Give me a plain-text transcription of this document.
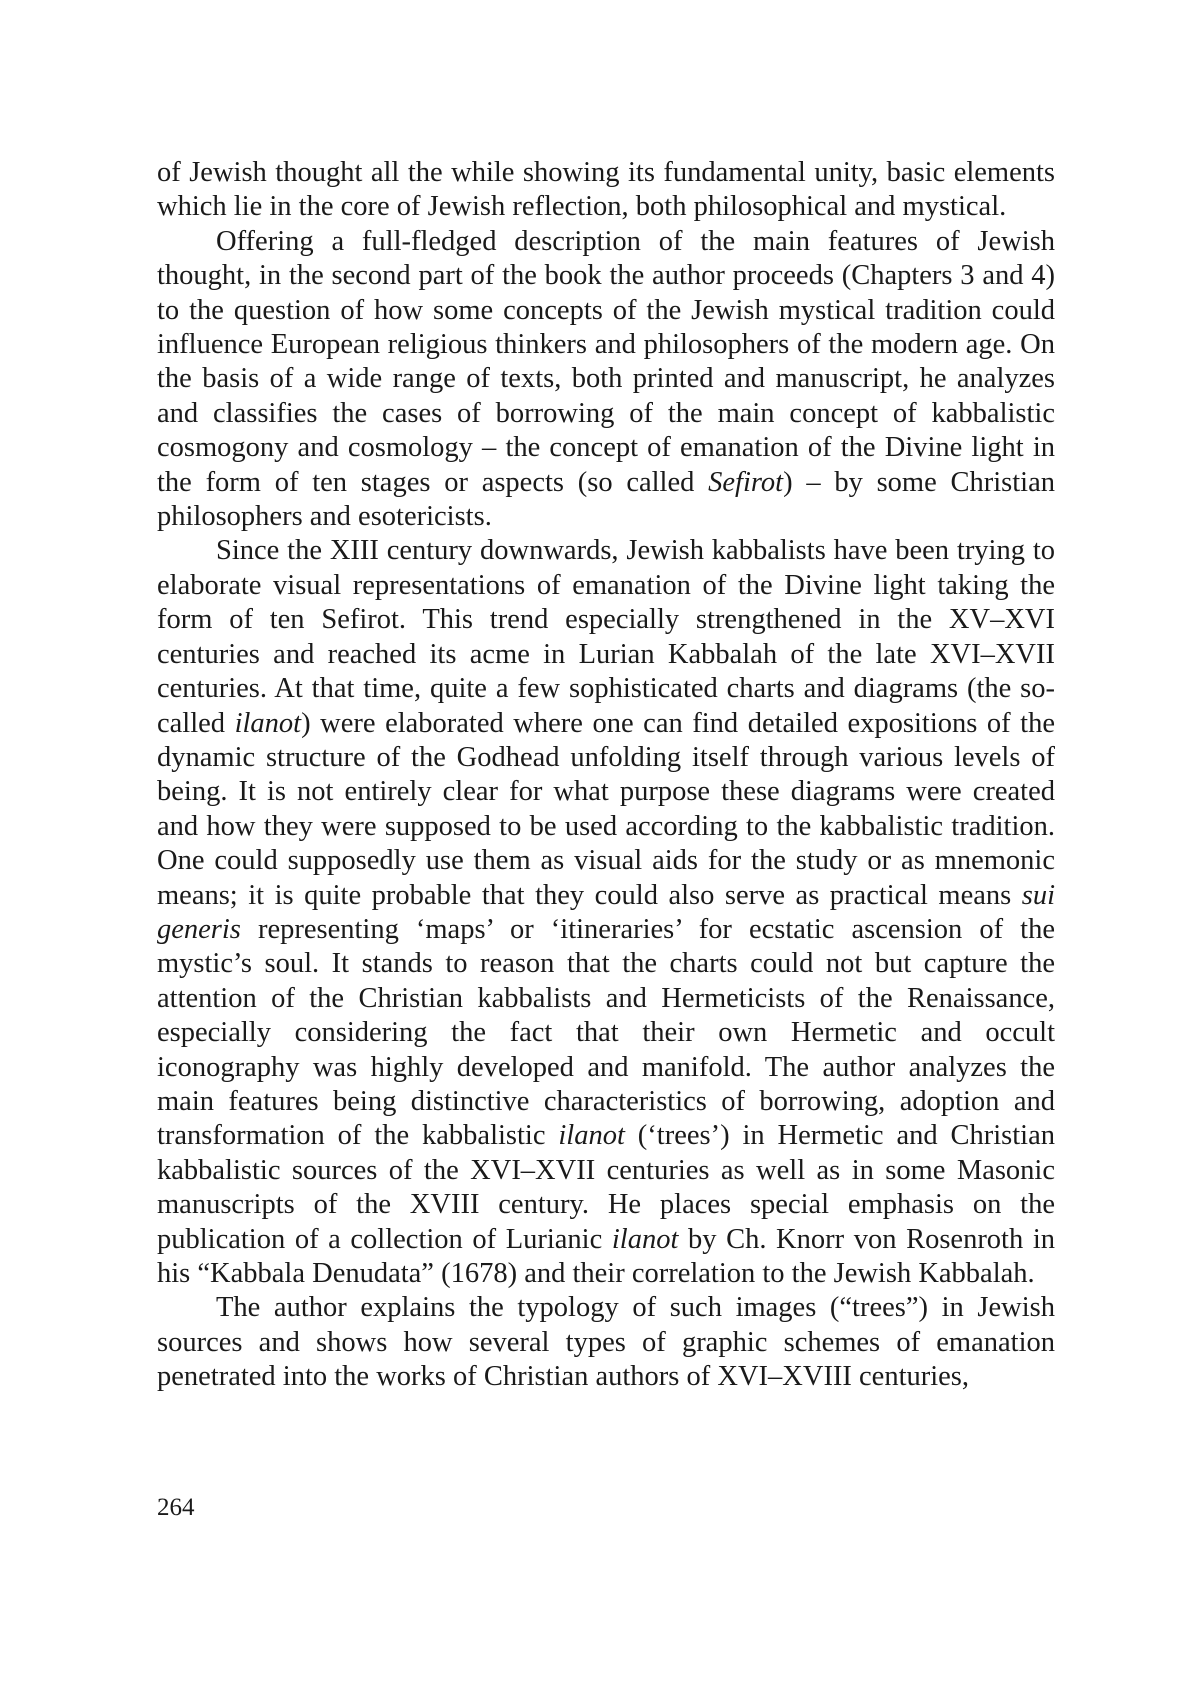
of Jewish thought all the while showing its fundamental unity, basic elements which lie in the core of Jewish reflection, both philosophical and mystical.

Offering a full-fledged description of the main features of Jewish thought, in the second part of the book the author proceeds (Chapters 3 and 4) to the question of how some concepts of the Jewish mystical tradition could influence European religious thinkers and philosophers of the modern age. On the basis of a wide range of texts, both printed and manuscript, he analyzes and classifies the cases of borrowing of the main concept of kabbalistic cosmogony and cosmology – the concept of emanation of the Divine light in the form of ten stages or aspects (so called Sefirot) – by some Christian philosophers and esotericists.

Since the XIII century downwards, Jewish kabbalists have been trying to elaborate visual representations of emanation of the Divine light taking the form of ten Sefirot. This trend especially strengthened in the XV–XVI centuries and reached its acme in Lurian Kabbalah of the late XVI–XVII centuries. At that time, quite a few sophisticated charts and diagrams (the so-called ilanot) were elaborated where one can find detailed expositions of the dynamic structure of the Godhead unfolding itself through various levels of being. It is not entirely clear for what purpose these diagrams were created and how they were supposed to be used according to the kabbalistic tradition. One could supposedly use them as visual aids for the study or as mnemonic means; it is quite probable that they could also serve as practical means sui generis representing ‘maps’ or ‘itineraries’ for ecstatic ascension of the mystic’s soul. It stands to reason that the charts could not but capture the attention of the Christian kabbalists and Hermeticists of the Renaissance, especially considering the fact that their own Hermetic and occult iconography was highly developed and manifold. The author analyzes the main features being distinctive characteristics of borrowing, adoption and transformation of the kabbalistic ilanot (‘trees’) in Hermetic and Christian kabbalistic sources of the XVI–XVII centuries as well as in some Masonic manuscripts of the XVIII century. He places special emphasis on the publication of a collection of Lurianic ilanot by Ch. Knorr von Rosenroth in his “Kabbala Denudata” (1678) and their correlation to the Jewish Kabbalah.

The author explains the typology of such images (“trees”) in Jewish sources and shows how several types of graphic schemes of emanation penetrated into the works of Christian authors of XVI–XVIII centuries,

264
